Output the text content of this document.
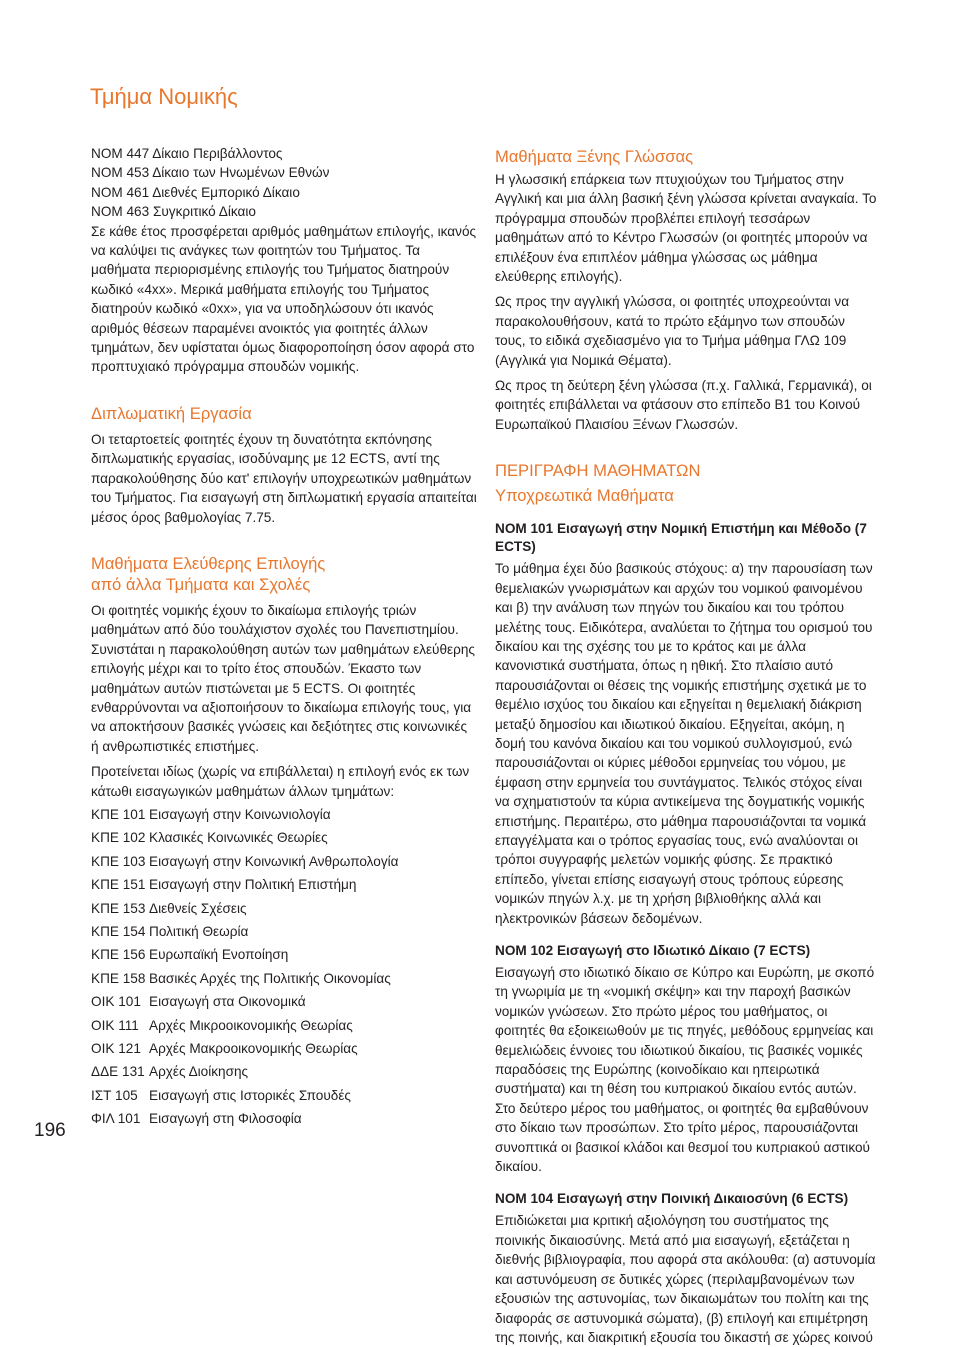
Τμήμα Νομικής

ΝΟΜ 447 Δίκαιο Περιβάλλοντος

ΝΟΜ 453 Δίκαιο των Ηνωμένων Εθνών

ΝΟΜ 461 Διεθνές Εμπορικό Δίκαιο

ΝΟΜ 463 Συγκριτικό Δίκαιο

Σε κάθε έτος προσφέρεται αριθμός μαθημάτων επιλογής, ικανός να καλύψει τις ανάγκες των φοιτητών του Τμήματος. Τα μαθήματα περιορισμένης επιλογής του Τμήματος διατηρούν κωδικό «4xx». Μερικά μαθήματα επιλογής του Τμήματος διατηρούν κωδικό «0xx», για να υποδηλώσουν ότι ικανός αριθμός θέσεων παραμένει ανοικτός για φοιτητές άλλων τμημάτων, δεν υφίσταται όμως διαφοροποίηση όσον αφορά στο προπτυχιακό πρόγραμμα σπουδών νομικής.

Διπλωματική Εργασία

Οι τεταρτοετείς φοιτητές έχουν τη δυνατότητα εκπόνησης διπλωματικής εργασίας, ισοδύναμης με 12 ECTS, αντί της παρακολούθησης δύο κατ' επιλογήν υποχρεωτικών μαθημάτων του Τμήματος. Για εισαγωγή στη διπλωματική εργασία απαιτείται μέσος όρος βαθμολογίας 7.75.

Μαθήματα Ελεύθερης Επιλογής
από άλλα Τμήματα και Σχολές

Οι φοιτητές νομικής έχουν το δικαίωμα επιλογής τριών μαθημάτων από δύο τουλάχιστον σχολές του Πανεπιστημίου. Συνιστάται η παρακολούθηση αυτών των μαθημάτων ελεύθερης επιλογής μέχρι και το τρίτο έτος σπουδών. Έκαστο των μαθημάτων αυτών πιστώνεται με 5 ECTS. Οι φοιτητές ενθαρρύνονται να αξιοποιήσουν το δικαίωμα επιλογής τους, για να αποκτήσουν βασικές γνώσεις και δεξιότητες στις κοινωνικές ή ανθρωπιστικές επιστήμες.

Προτείνεται ιδίως (χωρίς να επιβάλλεται) η επιλογή ενός εκ των κάτωθι εισαγωγικών μαθημάτων άλλων τμημάτων:

ΚΠΕ 101 Εισαγωγή στην Κοινωνιολογία
ΚΠΕ 102 Κλασικές Κοινωνικές Θεωρίες
ΚΠΕ 103 Εισαγωγή στην Κοινωνική Ανθρωπολογία
ΚΠΕ 151 Εισαγωγή στην Πολιτική Επιστήμη
ΚΠΕ 153 Διεθνείς Σχέσεις
ΚΠΕ 154 Πολιτική Θεωρία
ΚΠΕ 156 Ευρωπαϊκή Ενοποίηση
ΚΠΕ 158 Βασικές Αρχές της Πολιτικής Οικονομίας
ΟΙΚ 101 Εισαγωγή στα Οικονομικά
ΟΙΚ 111 Αρχές Μικροοικονομικής Θεωρίας
ΟΙΚ 121 Αρχές Μακροοικονομικής Θεωρίας
ΔΔΕ 131 Αρχές Διοίκησης
ΙΣΤ 105 Εισαγωγή στις Ιστορικές Σπουδές
ΦΙΛ 101 Εισαγωγή στη Φιλοσοφία
Μαθήματα Ξένης Γλώσσας

Η γλωσσική επάρκεια των πτυχιούχων του Τμήματος στην Αγγλική και μια άλλη βασική ξένη γλώσσα κρίνεται αναγκαία. Το πρόγραμμα σπουδών προβλέπει επιλογή τεσσάρων μαθημάτων από το Κέντρο Γλωσσών (οι φοιτητές μπορούν να επιλέξουν ένα επιπλέον μάθημα γλώσσας ως μάθημα ελεύθερης επιλογής).

Ως προς την αγγλική γλώσσα, οι φοιτητές υποχρεούνται να παρακολουθήσουν, κατά το πρώτο εξάμηνο των σπουδών τους, το ειδικά σχεδιασμένο για το Τμήμα μάθημα ΓΛΩ 109 (Αγγλικά για Νομικά Θέματα).

Ως προς τη δεύτερη ξένη γλώσσα (π.χ. Γαλλικά, Γερμανικά), οι φοιτητές επιβάλλεται να φτάσουν στο επίπεδο Β1 του Κοινού Ευρωπαϊκού Πλαισίου Ξένων Γλωσσών.

ΠΕΡΙΓΡΑΦΗ ΜΑΘΗΜΑΤΩΝ
Υποχρεωτικά Μαθήματα
ΝΟΜ 101 Εισαγωγή στην Νομική Επιστήμη και Μέθοδο (7 ECTS)

Το μάθημα έχει δύο βασικούς στόχους: α) την παρουσίαση των θεμελιακών γνωρισμάτων και αρχών του νομικού φαινομένου και β) την ανάλυση των πηγών του δικαίου και του τρόπου μελέτης τους. Ειδικότερα, αναλύεται το ζήτημα του ορισμού του δικαίου και της σχέσης του με το κράτος και με άλλα κανονιστικά συστήματα, όπως η ηθική. Στο πλαίσιο αυτό παρουσιάζονται οι θέσεις της νομικής επιστήμης σχετικά με το θεμέλιο ισχύος του δικαίου και εξηγείται η θεμελιακή διάκριση μεταξύ δημοσίου και ιδιωτικού δικαίου. Εξηγείται, ακόμη, η δομή του κανόνα δικαίου και του νομικού συλλογισμού, ενώ παρουσιάζονται οι κύριες μέθοδοι ερμηνείας του νόμου, με έμφαση στην ερμηνεία του συντάγματος. Τελικός στόχος είναι να σχηματιστούν τα κύρια αντικείμενα της δογματικής νομικής επιστήμης. Περαιτέρω, στο μάθημα παρουσιάζονται τα νομικά επαγγέλματα και ο τρόπος εργασίας τους, ενώ αναλύονται οι τρόποι συγγραφής μελετών νομικής φύσης. Σε πρακτικό επίπεδο, γίνεται επίσης εισαγωγή στους τρόπους εύρεσης νομικών πηγών λ.χ. με τη χρήση βιβλιοθήκης αλλά και ηλεκτρονικών βάσεων δεδομένων.

ΝΟΜ 102 Εισαγωγή στο Ιδιωτικό Δίκαιο (7 ECTS)

Εισαγωγή στο ιδιωτικό δίκαιο σε Κύπρο και Ευρώπη, με σκοπό τη γνωριμία με τη «νομική σκέψη» και την παροχή βασικών νομικών γνώσεων. Στο πρώτο μέρος του μαθήματος, οι φοιτητές θα εξοικειωθούν με τις πηγές, μεθόδους ερμηνείας και θεμελιώδεις έννοιες του ιδιωτικού δικαίου, τις βασικές νομικές παραδόσεις της Ευρώπης (κοινοδίκαιο και ηπειρωτικά συστήματα) και τη θέση του κυπριακού δικαίου εντός αυτών. Στο δεύτερο μέρος του μαθήματος, οι φοιτητές θα εμβαθύνουν στο δίκαιο των προσώπων. Στο τρίτο μέρος, παρουσιάζονται συνοπτικά οι βασικοί κλάδοι και θεσμοί του κυπριακού αστικού δικαίου.

ΝΟΜ 104 Εισαγωγή στην Ποινική Δικαιοσύνη (6 ECTS)

Επιδιώκεται μια κριτική αξιολόγηση του συστήματος της ποινικής δικαιοσύνης. Μετά από μια εισαγωγή, εξετάζεται η διεθνής βιβλιογραφία, που αφορά στα ακόλουθα: (α) αστυνομία και αστυνόμευση σε δυτικές χώρες (περιλαμβανομένων των εξουσιών της αστυνομίας, των δικαιωμάτων του πολίτη και της διαφοράς σε αστυνομικά σώματα), (β) επιλογή και επιμέτρηση της ποινής, και διακριτική εξουσία του δικαστή σε χώρες κοινού

196
